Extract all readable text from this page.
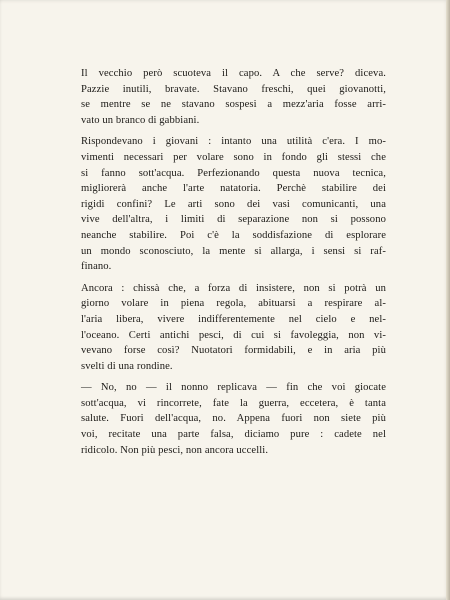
Il vecchio però scuoteva il capo. A che serve? diceva.
Pazzie inutili, bravate. Stavano freschi, quei giovanotti,
se mentre se ne stavano sospesi a mezz'aria fosse arri-
vato un branco di gabbiani.

Rispondevano i giovani : intanto una utilità c'era. I mo-
vimenti necessari per volare sono in fondo gli stessi che
si fanno sott'acqua. Perfezionando questa nuova tecnica,
migliorerà anche l'arte natatoria. Perchè stabilire dei
rigidi confini? Le arti sono dei vasi comunicanti, una
vive dell'altra, i limiti di separazione non si possono
neanche stabilire. Poi c'è la soddisfazione di esplorare
un mondo sconosciuto, la mente si allarga, i sensi si raf-
finano.

Ancora : chissà che, a forza di insistere, non si potrà un
giorno volare in piena regola, abituarsi a respirare al-
l'aria libera, vivere indifferentemente nel cielo e nel-
l'oceano. Certi antichi pesci, di cui si favoleggia, non vi-
vevano forse così? Nuotatori formidabili, e in aria più
svelti di una rondine.

— No, no — il nonno replicava — fin che voi giocate
sott'acqua, vi rincorrete, fate la guerra, eccetera, è tanta
salute. Fuori dell'acqua, no. Appena fuori non siete più
voi, recitate una parte falsa, diciamo pure : cadete nel
ridicolo. Non più pesci, non ancora uccelli.
